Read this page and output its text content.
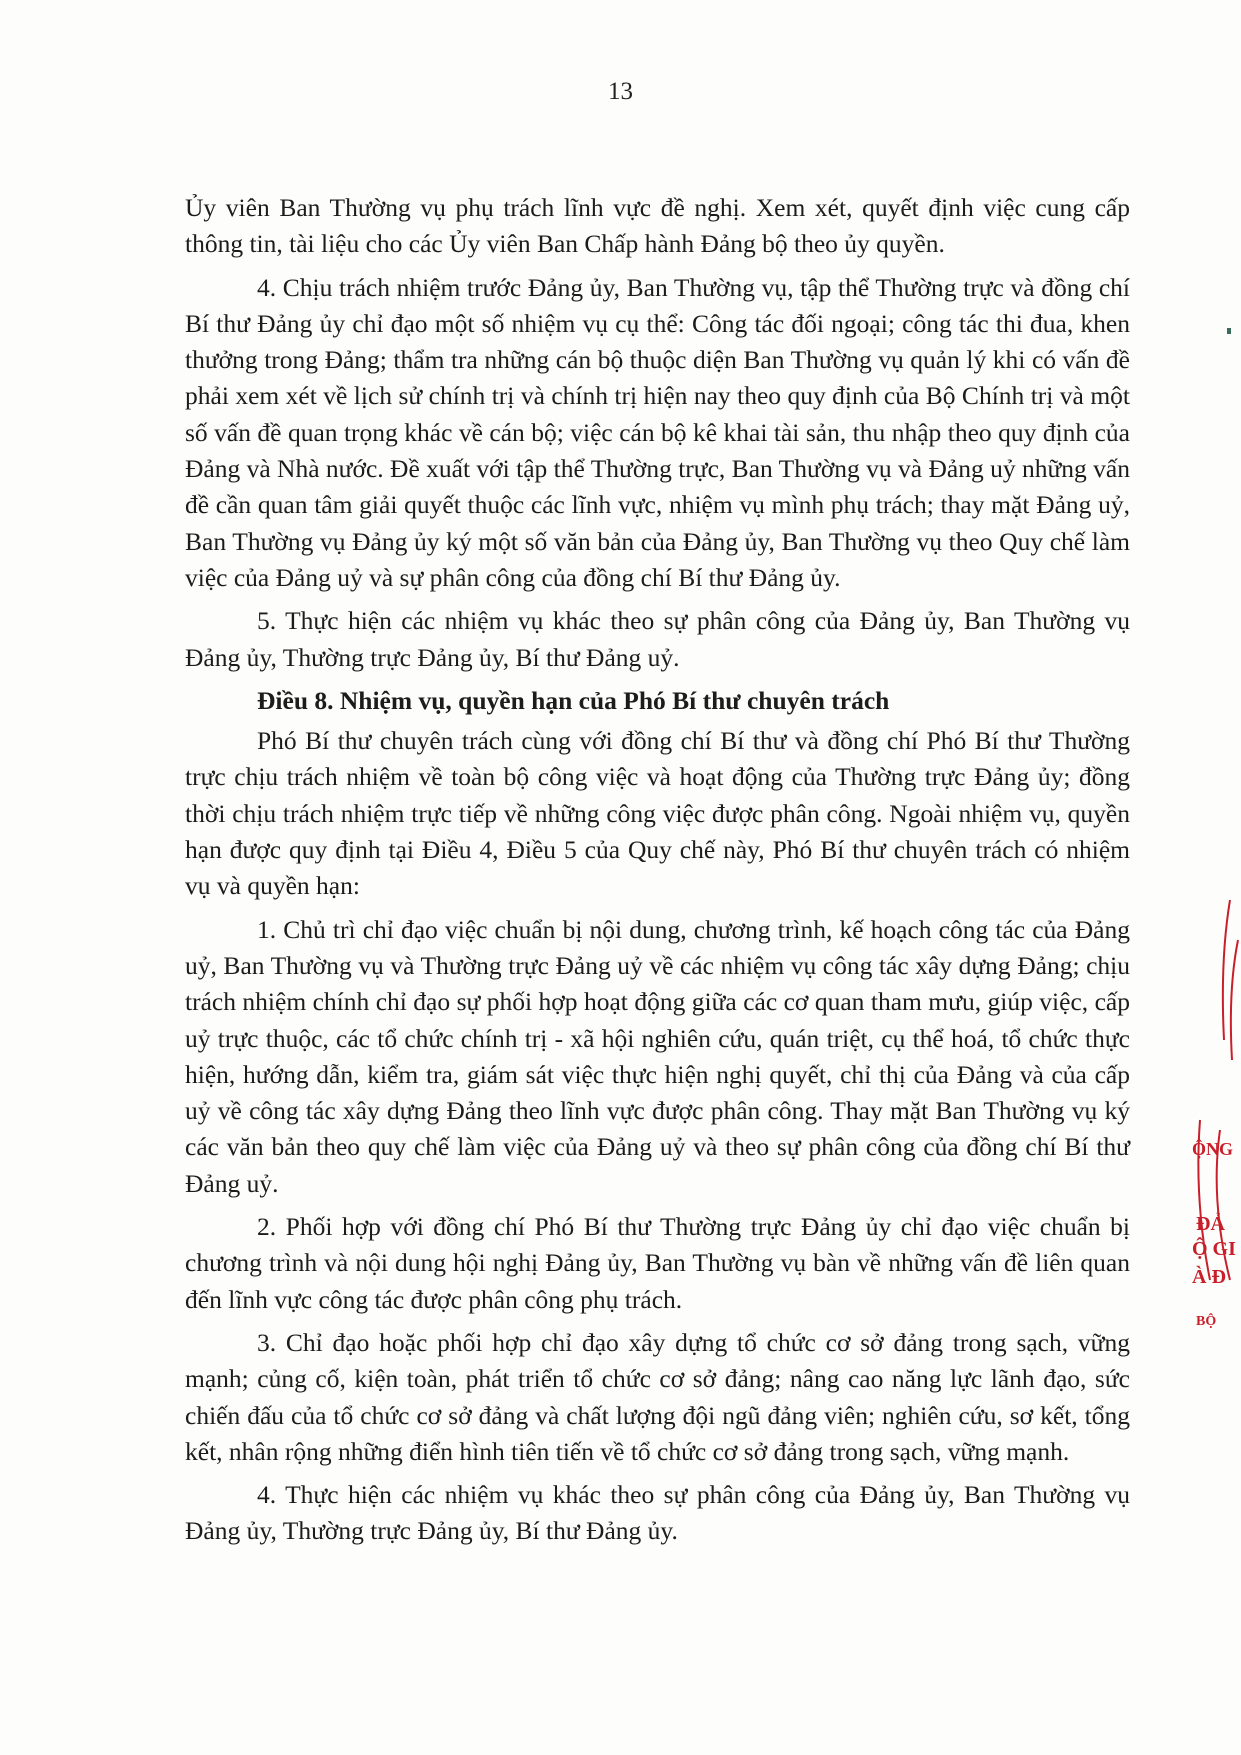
13

Ủy viên Ban Thường vụ phụ trách lĩnh vực đề nghị. Xem xét, quyết định việc cung cấp thông tin, tài liệu cho các Ủy viên Ban Chấp hành Đảng bộ theo ủy quyền.

4. Chịu trách nhiệm trước Đảng ủy, Ban Thường vụ, tập thể Thường trực và đồng chí Bí thư Đảng ủy chỉ đạo một số nhiệm vụ cụ thể: Công tác đối ngoại; công tác thi đua, khen thưởng trong Đảng; thẩm tra những cán bộ thuộc diện Ban Thường vụ quản lý khi có vấn đề phải xem xét về lịch sử chính trị và chính trị hiện nay theo quy định của Bộ Chính trị và một số vấn đề quan trọng khác về cán bộ; việc cán bộ kê khai tài sản, thu nhập theo quy định của Đảng và Nhà nước. Đề xuất với tập thể Thường trực, Ban Thường vụ và Đảng uỷ những vấn đề cần quan tâm giải quyết thuộc các lĩnh vực, nhiệm vụ mình phụ trách; thay mặt Đảng uỷ, Ban Thường vụ Đảng ủy ký một số văn bản của Đảng ủy, Ban Thường vụ theo Quy chế làm việc của Đảng uỷ và sự phân công của đồng chí Bí thư Đảng ủy.

5. Thực hiện các nhiệm vụ khác theo sự phân công của Đảng ủy, Ban Thường vụ Đảng ủy, Thường trực Đảng ủy, Bí thư Đảng uỷ.

Điều 8. Nhiệm vụ, quyền hạn của Phó Bí thư chuyên trách

Phó Bí thư chuyên trách cùng với đồng chí Bí thư và đồng chí Phó Bí thư Thường trực chịu trách nhiệm về toàn bộ công việc và hoạt động của Thường trực Đảng ủy; đồng thời chịu trách nhiệm trực tiếp về những công việc được phân công. Ngoài nhiệm vụ, quyền hạn được quy định tại Điều 4, Điều 5 của Quy chế này, Phó Bí thư chuyên trách có nhiệm vụ và quyền hạn:

1. Chủ trì chỉ đạo việc chuẩn bị nội dung, chương trình, kế hoạch công tác của Đảng uỷ, Ban Thường vụ và Thường trực Đảng uỷ về các nhiệm vụ công tác xây dựng Đảng; chịu trách nhiệm chính chỉ đạo sự phối hợp hoạt động giữa các cơ quan tham mưu, giúp việc, cấp uỷ trực thuộc, các tổ chức chính trị - xã hội nghiên cứu, quán triệt, cụ thể hoá, tổ chức thực hiện, hướng dẫn, kiểm tra, giám sát việc thực hiện nghị quyết, chỉ thị của Đảng và của cấp uỷ về công tác xây dựng Đảng theo lĩnh vực được phân công. Thay mặt Ban Thường vụ ký các văn bản theo quy chế làm việc của Đảng uỷ và theo sự phân công của đồng chí Bí thư Đảng uỷ.

2. Phối hợp với đồng chí Phó Bí thư Thường trực Đảng ủy chỉ đạo việc chuẩn bị chương trình và nội dung hội nghị Đảng ủy, Ban Thường vụ bàn về những vấn đề liên quan đến lĩnh vực công tác được phân công phụ trách.

3. Chỉ đạo hoặc phối hợp chỉ đạo xây dựng tổ chức cơ sở đảng trong sạch, vững mạnh; củng cố, kiện toàn, phát triển tổ chức cơ sở đảng; nâng cao năng lực lãnh đạo, sức chiến đấu của tổ chức cơ sở đảng và chất lượng đội ngũ đảng viên; nghiên cứu, sơ kết, tổng kết, nhân rộng những điển hình tiên tiến về tổ chức cơ sở đảng trong sạch, vững mạnh.

4. Thực hiện các nhiệm vụ khác theo sự phân công của Đảng ủy, Ban Thường vụ Đảng ủy, Thường trực Đảng ủy, Bí thư Đảng ủy.

ỘNG
ĐẢ
Ộ GI
À Đ
BỘ
